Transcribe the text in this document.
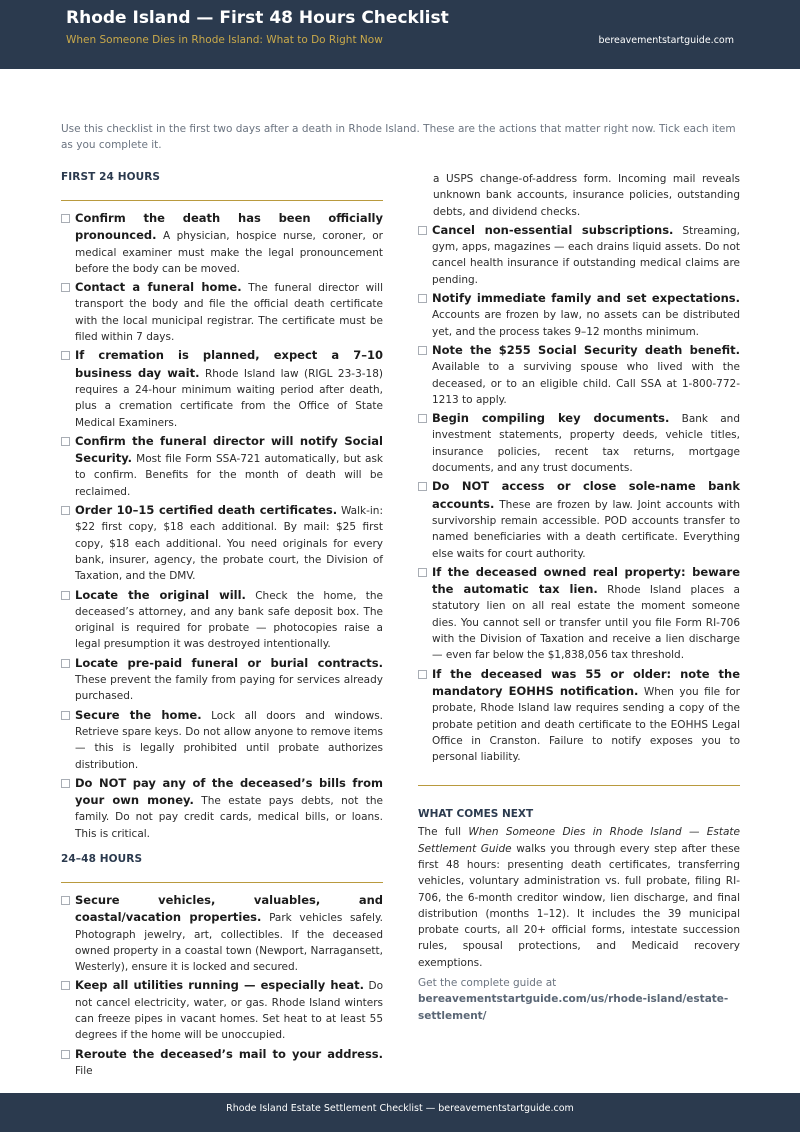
Rhode Island — First 48 Hours Checklist
When Someone Dies in Rhode Island: What to Do Right Now	bereavementstartguide.com
Use this checklist in the first two days after a death in Rhode Island. These are the actions that matter right now. Tick each item as you complete it.
FIRST 24 HOURS
Confirm the death has been officially pronounced. A physician, hospice nurse, coroner, or medical examiner must make the legal pronouncement before the body can be moved.
Contact a funeral home. The funeral director will transport the body and file the official death certificate with the local municipal registrar. The certificate must be filed within 7 days.
If cremation is planned, expect a 7–10 business day wait. Rhode Island law (RIGL 23-3-18) requires a 24-hour minimum waiting period after death, plus a cremation certificate from the Office of State Medical Examiners.
Confirm the funeral director will notify Social Security. Most file Form SSA-721 automatically, but ask to confirm. Benefits for the month of death will be reclaimed.
Order 10–15 certified death certificates. Walk-in: $22 first copy, $18 each additional. By mail: $25 first copy, $18 each additional. You need originals for every bank, insurer, agency, the probate court, the Division of Taxation, and the DMV.
Locate the original will. Check the home, the deceased’s attorney, and any bank safe deposit box. The original is required for probate — photocopies raise a legal presumption it was destroyed intentionally.
Locate pre-paid funeral or burial contracts. These prevent the family from paying for services already purchased.
Secure the home. Lock all doors and windows. Retrieve spare keys. Do not allow anyone to remove items — this is legally prohibited until probate authorizes distribution.
Do NOT pay any of the deceased’s bills from your own money. The estate pays debts, not the family. Do not pay credit cards, medical bills, or loans. This is critical.
24–48 HOURS
Secure vehicles, valuables, and coastal/vacation properties. Park vehicles safely. Photograph jewelry, art, collectibles. If the deceased owned property in a coastal town (Newport, Narragansett, Westerly), ensure it is locked and secured.
Keep all utilities running — especially heat. Do not cancel electricity, water, or gas. Rhode Island winters can freeze pipes in vacant homes. Set heat to at least 55 degrees if the home will be unoccupied.
Reroute the deceased’s mail to your address. File
a USPS change-of-address form. Incoming mail reveals unknown bank accounts, insurance policies, outstanding debts, and dividend checks.
Cancel non-essential subscriptions. Streaming, gym, apps, magazines — each drains liquid assets. Do not cancel health insurance if outstanding medical claims are pending.
Notify immediate family and set expectations. Accounts are frozen by law, no assets can be distributed yet, and the process takes 9–12 months minimum.
Note the $255 Social Security death benefit. Available to a surviving spouse who lived with the deceased, or to an eligible child. Call SSA at 1-800-772-1213 to apply.
Begin compiling key documents. Bank and investment statements, property deeds, vehicle titles, insurance policies, recent tax returns, mortgage documents, and any trust documents.
Do NOT access or close sole-name bank accounts. These are frozen by law. Joint accounts with survivorship remain accessible. POD accounts transfer to named beneficiaries with a death certificate. Everything else waits for court authority.
If the deceased owned real property: beware the automatic tax lien. Rhode Island places a statutory lien on all real estate the moment someone dies. You cannot sell or transfer until you file Form RI-706 with the Division of Taxation and receive a lien discharge — even far below the $1,838,056 tax threshold.
If the deceased was 55 or older: note the mandatory EOHHS notification. When you file for probate, Rhode Island law requires sending a copy of the probate petition and death certificate to the EOHHS Legal Office in Cranston. Failure to notify exposes you to personal liability.
WHAT COMES NEXT
The full When Someone Dies in Rhode Island — Estate Settlement Guide walks you through every step after these first 48 hours: presenting death certificates, transferring vehicles, voluntary administration vs. full probate, filing RI-706, the 6-month creditor window, lien discharge, and final distribution (months 1–12). It includes the 39 municipal probate courts, all 20+ official forms, intestate succession rules, spousal protections, and Medicaid recovery exemptions.
Get the complete guide at
bereavementstartguide.com/us/rhode-island/estate-settlement/
Rhode Island Estate Settlement Checklist — bereavementstartguide.com
